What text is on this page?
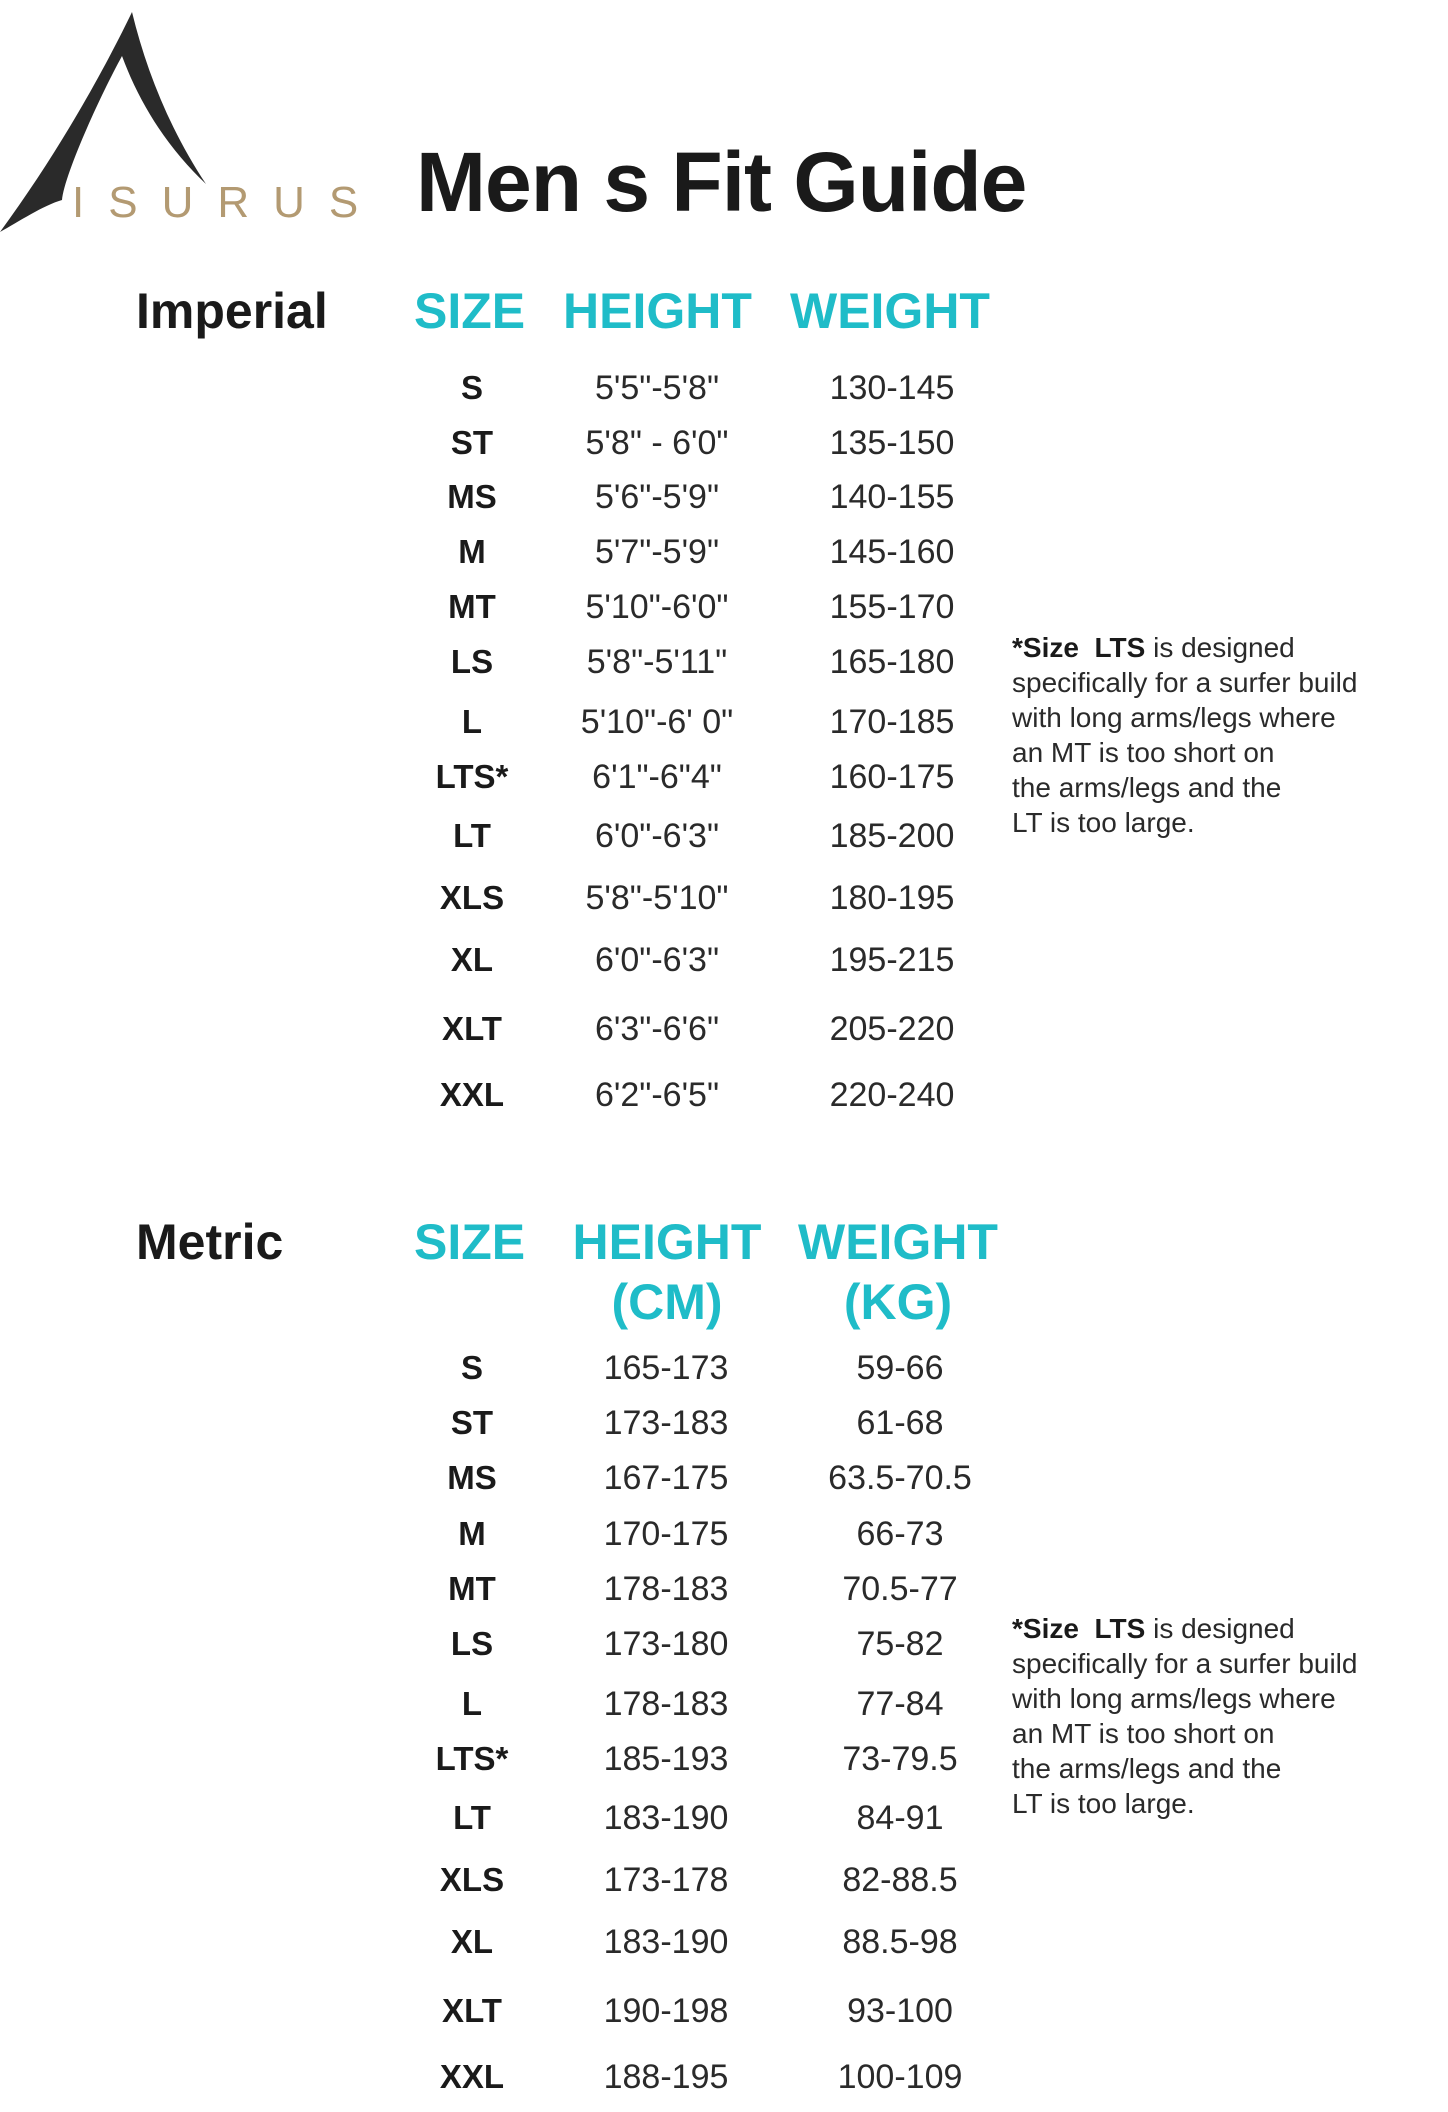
ISURUS Men s Fit Guide
Imperial SIZE HEIGHT WEIGHT
S	5'5"-5'8"	130-145
ST	5'8" - 6'0"	135-150
MS	5'6"-5'9"	140-155
M	5'7"-5'9"	145-160
MT	5'10"-6'0"	155-170
LS	5'8"-5'11"	165-180
L	5'10"-6' 0"	170-185
LTS* 6'1"-6"4"	160-175
LT	6'0"-6'3"	185-200
XLS 5'8"-5'10"	180-195
XL	6'0"-6'3"	195-215
XLT	6'3"-6'6"	205-220
XXL	6'2"-6'5"	220-240

*Size LTS is designed
specifically for a surfer build
with long arms/legs where
an MT is too short on
the arms/legs and the
LT is too large.

Metric	SIZE HEIGHT
(CM)
WEIGHT
(KG)
S	165-173	59-66
ST	173-183	61-68
MS	167-175	63.5-70.5
M	170-175	66-73
MT	178-183	70.5-77
LS	173-180	75-82
L	178-183	77-84
LTS*	185-193	73-79.5
LT	183-190	84-91
XLS	173-178	82-88.5
XL	183-190	88.5-98
XLT	190-198	93-100
XXL	188-195	100-109

*Size LTS is designed
specifically for a surfer build
with long arms/legs where
an MT is too short on
the arms/legs and the
LT is too large.
